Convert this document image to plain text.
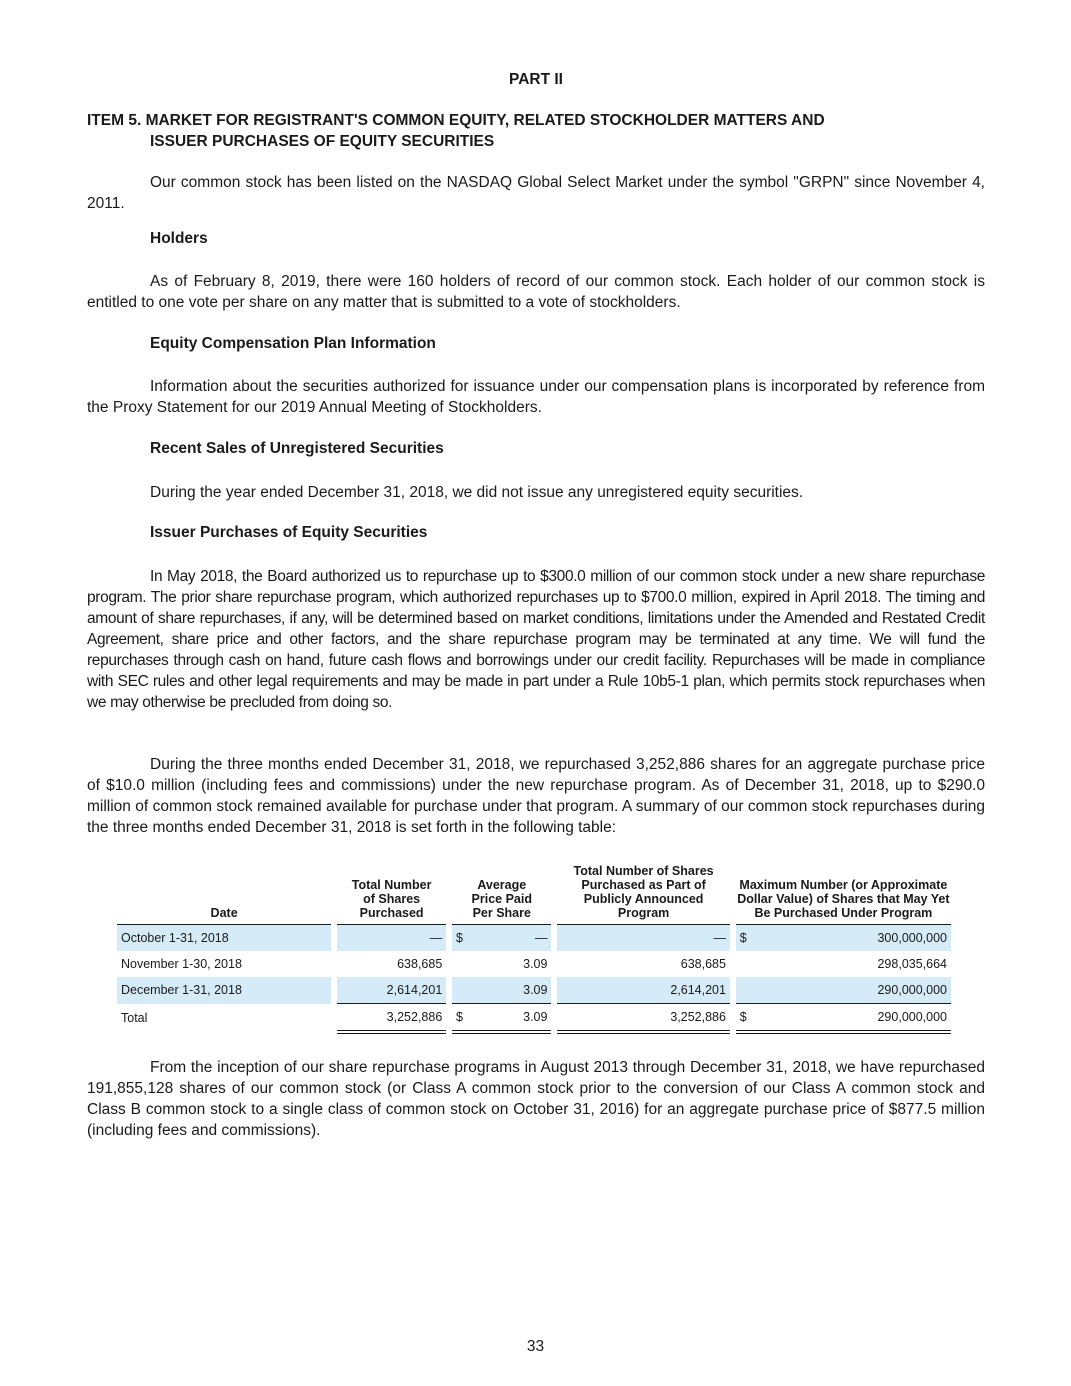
PART II
ITEM 5. MARKET FOR REGISTRANT'S COMMON EQUITY, RELATED STOCKHOLDER MATTERS AND
ISSUER PURCHASES OF EQUITY SECURITIES
Our common stock has been listed on the NASDAQ Global Select Market under the symbol "GRPN" since November 4, 2011.
Holders
As of February 8, 2019, there were 160 holders of record of our common stock. Each holder of our common stock is entitled to one vote per share on any matter that is submitted to a vote of stockholders.
Equity Compensation Plan Information
Information about the securities authorized for issuance under our compensation plans is incorporated by reference from the Proxy Statement for our 2019 Annual Meeting of Stockholders.
Recent Sales of Unregistered Securities
During the year ended December 31, 2018, we did not issue any unregistered equity securities.
Issuer Purchases of Equity Securities
In May 2018, the Board authorized us to repurchase up to $300.0 million of our common stock under a new share repurchase program. The prior share repurchase program, which authorized repurchases up to $700.0 million, expired in April 2018. The timing and amount of share repurchases, if any, will be determined based on market conditions, limitations under the Amended and Restated Credit Agreement, share price and other factors, and the share repurchase program may be terminated at any time. We will fund the repurchases through cash on hand, future cash flows and borrowings under our credit facility. Repurchases will be made in compliance with SEC rules and other legal requirements and may be made in part under a Rule 10b5-1 plan, which permits stock repurchases when we may otherwise be precluded from doing so.
During the three months ended December 31, 2018, we repurchased 3,252,886 shares for an aggregate purchase price of $10.0 million (including fees and commissions) under the new repurchase program. As of December 31, 2018, up to $290.0 million of common stock remained available for purchase under that program. A summary of our common stock repurchases during the three months ended December 31, 2018 is set forth in the following table:
Date		Total Number of Shares Purchased		Average Price Paid Per Share			Total Number of Shares Purchased as Part of Publicly Announced Program		Maximum Number (or Approximate Dollar Value) of Shares that May Yet Be Purchased Under Program	
October 1-31, 2018		—		$	—		—		$	300,000,000
November 1-30, 2018		638,685			3.09		638,685			298,035,664
December 1-31, 2018		2,614,201			3.09		2,614,201			290,000,000
Total		3,252,886		$	3.09		3,252,886		$	290,000,000
From the inception of our share repurchase programs in August 2013 through December 31, 2018, we have repurchased 191,855,128 shares of our common stock (or Class A common stock prior to the conversion of our Class A common stock and Class B common stock to a single class of common stock on October 31, 2016) for an aggregate purchase price of $877.5 million (including fees and commissions).
33
